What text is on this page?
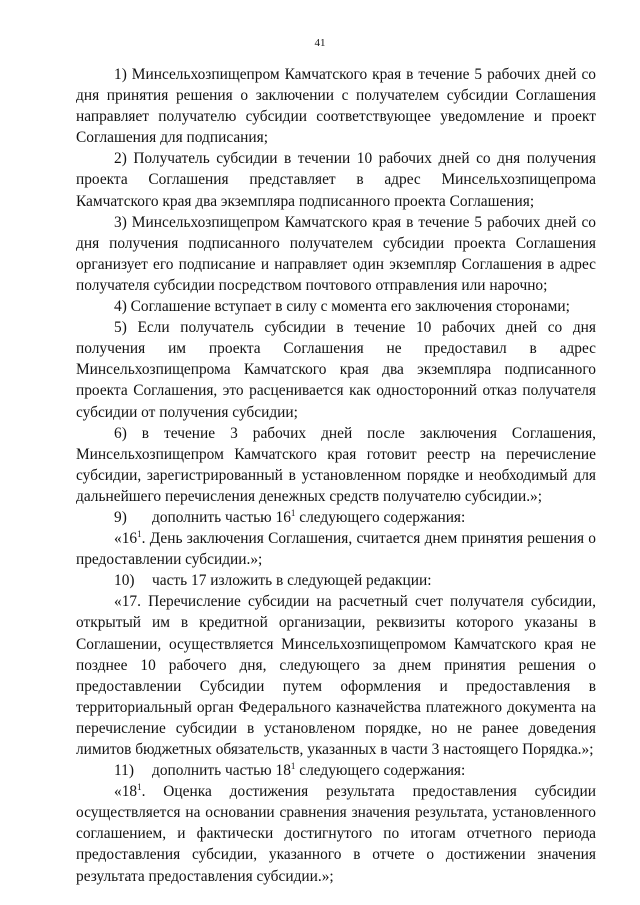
41

1) Минсельхозпищепром Камчатского края в течение 5 рабочих дней со дня принятия решения о заключении с получателем субсидии Соглашения направляет получателю субсидии соответствующее уведомление и проект Соглашения для подписания;

2) Получатель субсидии в течении 10 рабочих дней со дня получения проекта Соглашения представляет в адрес Минсельхозпищепрома Камчатского края два экземпляра подписанного проекта Соглашения;

3) Минсельхозпищепром Камчатского края в течение 5 рабочих дней со дня получения подписанного получателем субсидии проекта Соглашения организует его подписание и направляет один экземпляр Соглашения в адрес получателя субсидии посредством почтового отправления или нарочно;

4) Соглашение вступает в силу с момента его заключения сторонами;

5) Если получатель субсидии в течение 10 рабочих дней со дня получения им проекта Соглашения не предоставил в адрес Минсельхозпищепрома Камчатского края два экземпляра подписанного проекта Соглашения, это расценивается как односторонний отказ получателя субсидии от получения субсидии;

6) в течение 3 рабочих дней после заключения Соглашения, Минсельхозпищепром Камчатского края готовит реестр на перечисление субсидии, зарегистрированный в установленном порядке и необходимый для дальнейшего перечисления денежных средств получателю субсидии.»;

9) дополнить частью $16^1$ следующего содержания:

«$16^1$. День заключения Соглашения, считается днем принятия решения о предоставлении субсидии.»;

10) часть 17 изложить в следующей редакции:

«17. Перечисление субсидии на расчетный счет получателя субсидии, открытый им в кредитной организации, реквизиты которого указаны в Соглашении, осуществляется Минсельхозпищепромом Камчатского края не позднее 10 рабочего дня, следующего за днем принятия решения о предоставлении Субсидии путем оформления и предоставления в территориальный орган Федерального казначейства платежного документа на перечисление субсидии в установленом порядке, но не ранее доведения лимитов бюджетных обязательств, указанных в части 3 настоящего Порядка.»;

11) дополнить частью $18^1$ следующего содержания:

«$18^1$. Оценка достижения результата предоставления субсидии осуществляется на основании сравнения значения результата, установленного соглашением, и фактически достигнутого по итогам отчетного периода предоставления субсидии, указанного в отчете о достижении значения результата предоставления субсидии.»;
